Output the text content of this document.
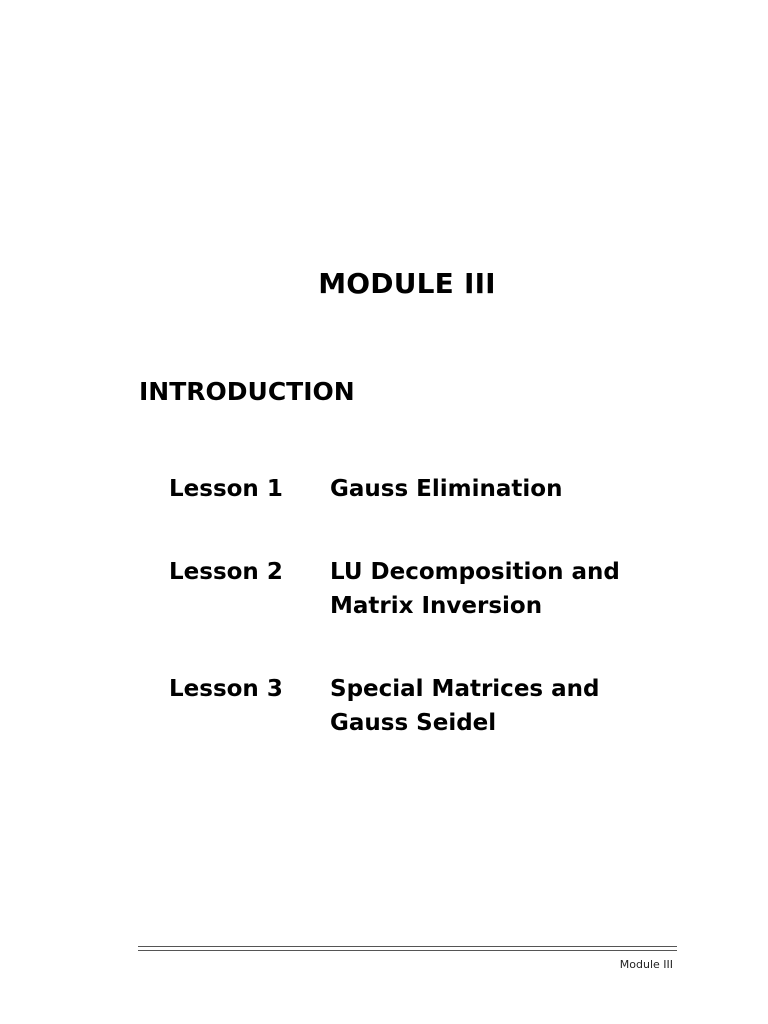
MODULE III
INTRODUCTION
Lesson 1 Gauss Elimination
Lesson 2 LU Decomposition and
Matrix Inversion
Lesson 3 Special Matrices and
Gauss Seidel
Module III
